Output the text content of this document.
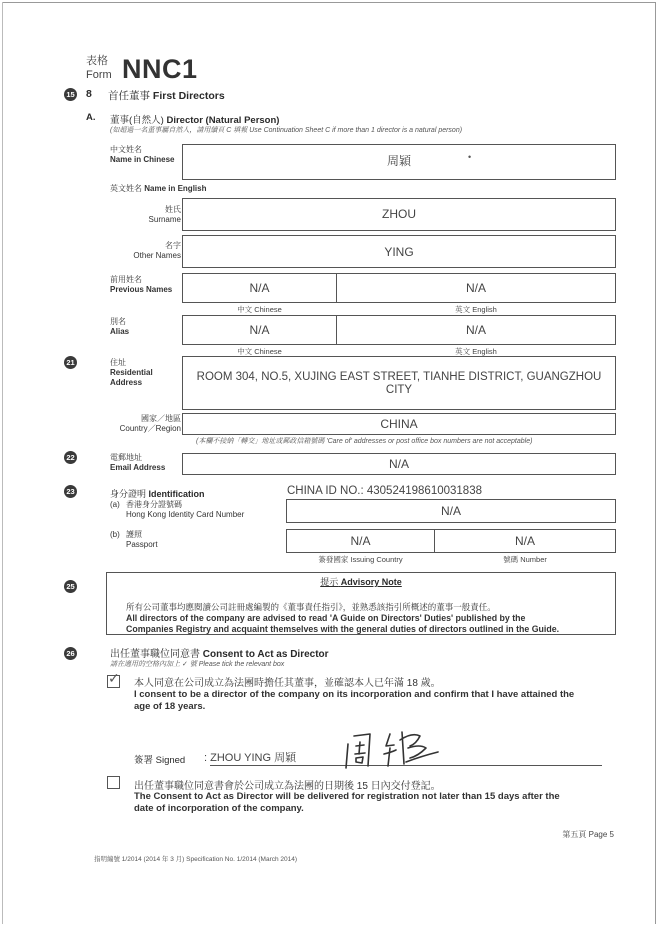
表格
Form NNC1
15 8 首任董事 First Directors
A. 董事(自然人) Director (Natural Person)
(如超過一名董事屬自然人，請用續頁 C 填報 Use Continuation Sheet C if more than 1 director is a natural person)
中文姓名
Name in Chinese	周穎	•
英文姓名 Name in English
姓氏
Surname	ZHOU
名字
Other Names	YING
前用姓名
Previous Names	N/A	N/A
中文 Chinese	英文 English
別名
Alias	N/A	N/A
中文 Chinese	英文 English
21	住址
Residential
Address	ROOM 304, NO.5, XUJING EAST STREET, TIANHE DISTRICT, GUANGZHOU
CITY
國家／地區
Country／Region	CHINA
(本欄不接納「轉交」地址或郵政信箱號碼 'Care of' addresses or post office box numbers are not acceptable)
22	電郵地址
Email Address	N/A
23	身分證明 Identification	CHINA ID NO.: 430524198610031838
(a) 香港身分證號碼
Hong Kong Identity Card Number	N/A
(b) 護照
Passport	N/A	N/A
簽發國家 Issuing Country	號碼 Number
25	提示 Advisory Note
所有公司董事均應閱讀公司註冊處編製的《董事責任指引》，並熟悉該指引所概述的董事一般責任。
All directors of the company are advised to read 'A Guide on Directors' Duties' published by the
Companies Registry and acquaint themselves with the general duties of directors outlined in the Guide.
26	出任董事職位同意書 Consent to Act as Director
請在適用的空格內加上 ✓ 號 Please tick the relevant box
✓ 本人同意在公司成立為法團時擔任其董事，並確認本人已年滿 18 歲。
I consent to be a director of the company on its incorporation and confirm that I have attained the
age of 18 years.
簽署 Signed : ZHOU YING 周穎
出任董事職位同意書會於公司成立為法團的日期後 15 日內交付登記。
The Consent to Act as Director will be delivered for registration not later than 15 days after the
date of incorporation of the company.
第五頁 Page 5
指明編號 1/2014 (2014 年 3 月) Specification No. 1/2014 (March 2014)
